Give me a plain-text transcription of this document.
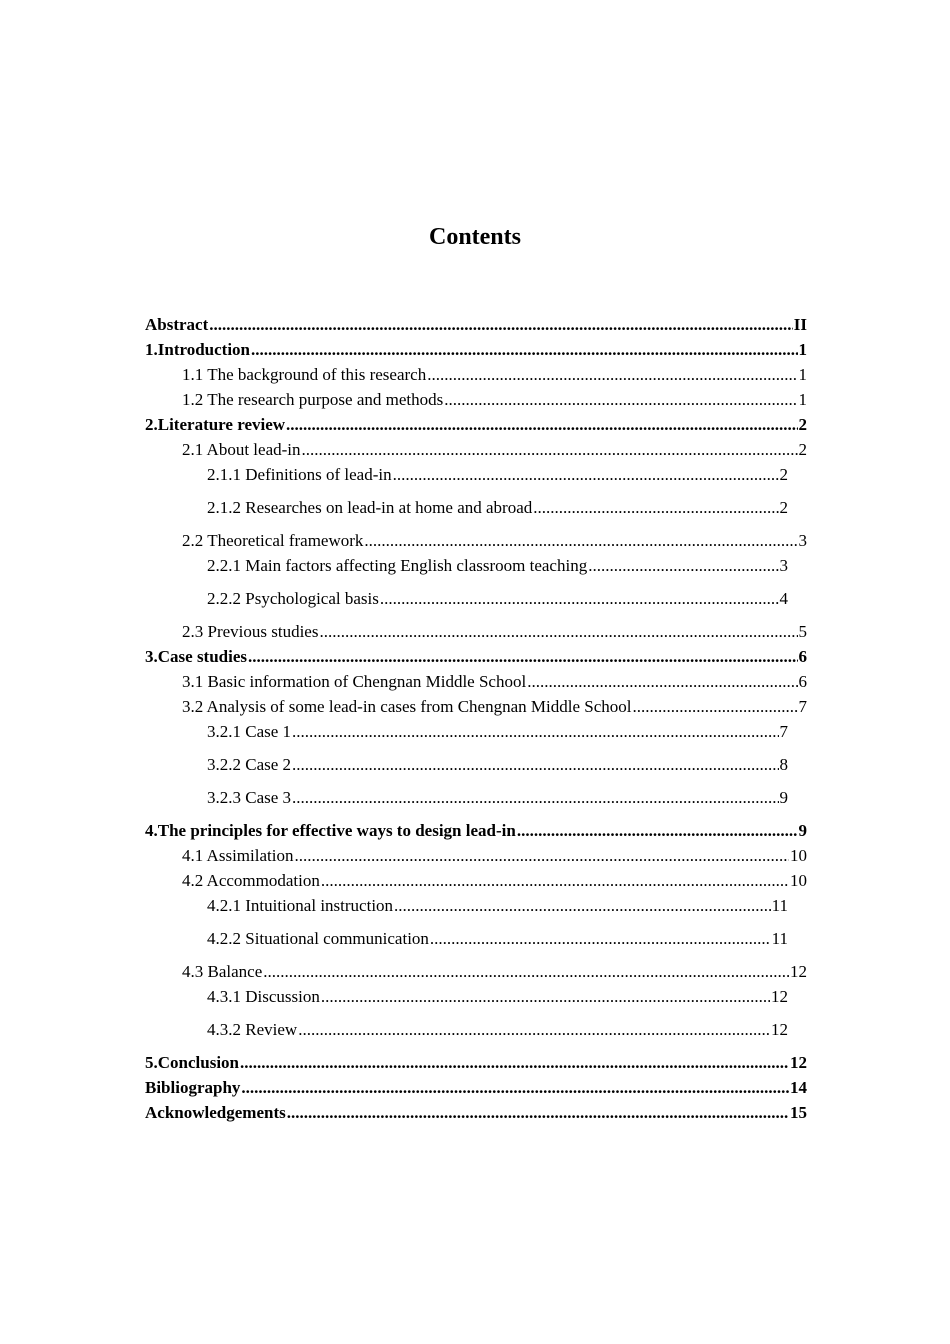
Contents
Abstract .....	II
1. Introduction .....	1
1.1 The background of this research .....	1
1.2 The research purpose and methods .....	1
2. Literature review .....	2
2.1 About lead-in .....	2
2.1.1 Definitions of lead-in .....	2
2.1.2 Researches on lead-in at home and abroad .....	2
2.2 Theoretical framework .....	3
2.2.1 Main factors affecting English classroom teaching .....	3
2.2.2 Psychological basis .....	4
2.3 Previous studies .....	5
3. Case studies .....	6
3.1 Basic information of Chengnan Middle School .....	6
3.2 Analysis of some lead-in cases from Chengnan Middle School .....	7
3.2.1 Case 1 .....	7
3.2.2 Case 2 .....	8
3.2.3 Case 3 .....	9
4. The principles for effective ways to design lead-in .....	9
4.1 Assimilation .....	10
4.2 Accommodation .....	10
4.2.1 Intuitional instruction .....	11
4.2.2 Situational communication .....	11
4.3 Balance .....	12
4.3.1 Discussion .....	12
4.3.2 Review .....	12
5. Conclusion .....	12
Bibliography .....	14
Acknowledgements .....	15
